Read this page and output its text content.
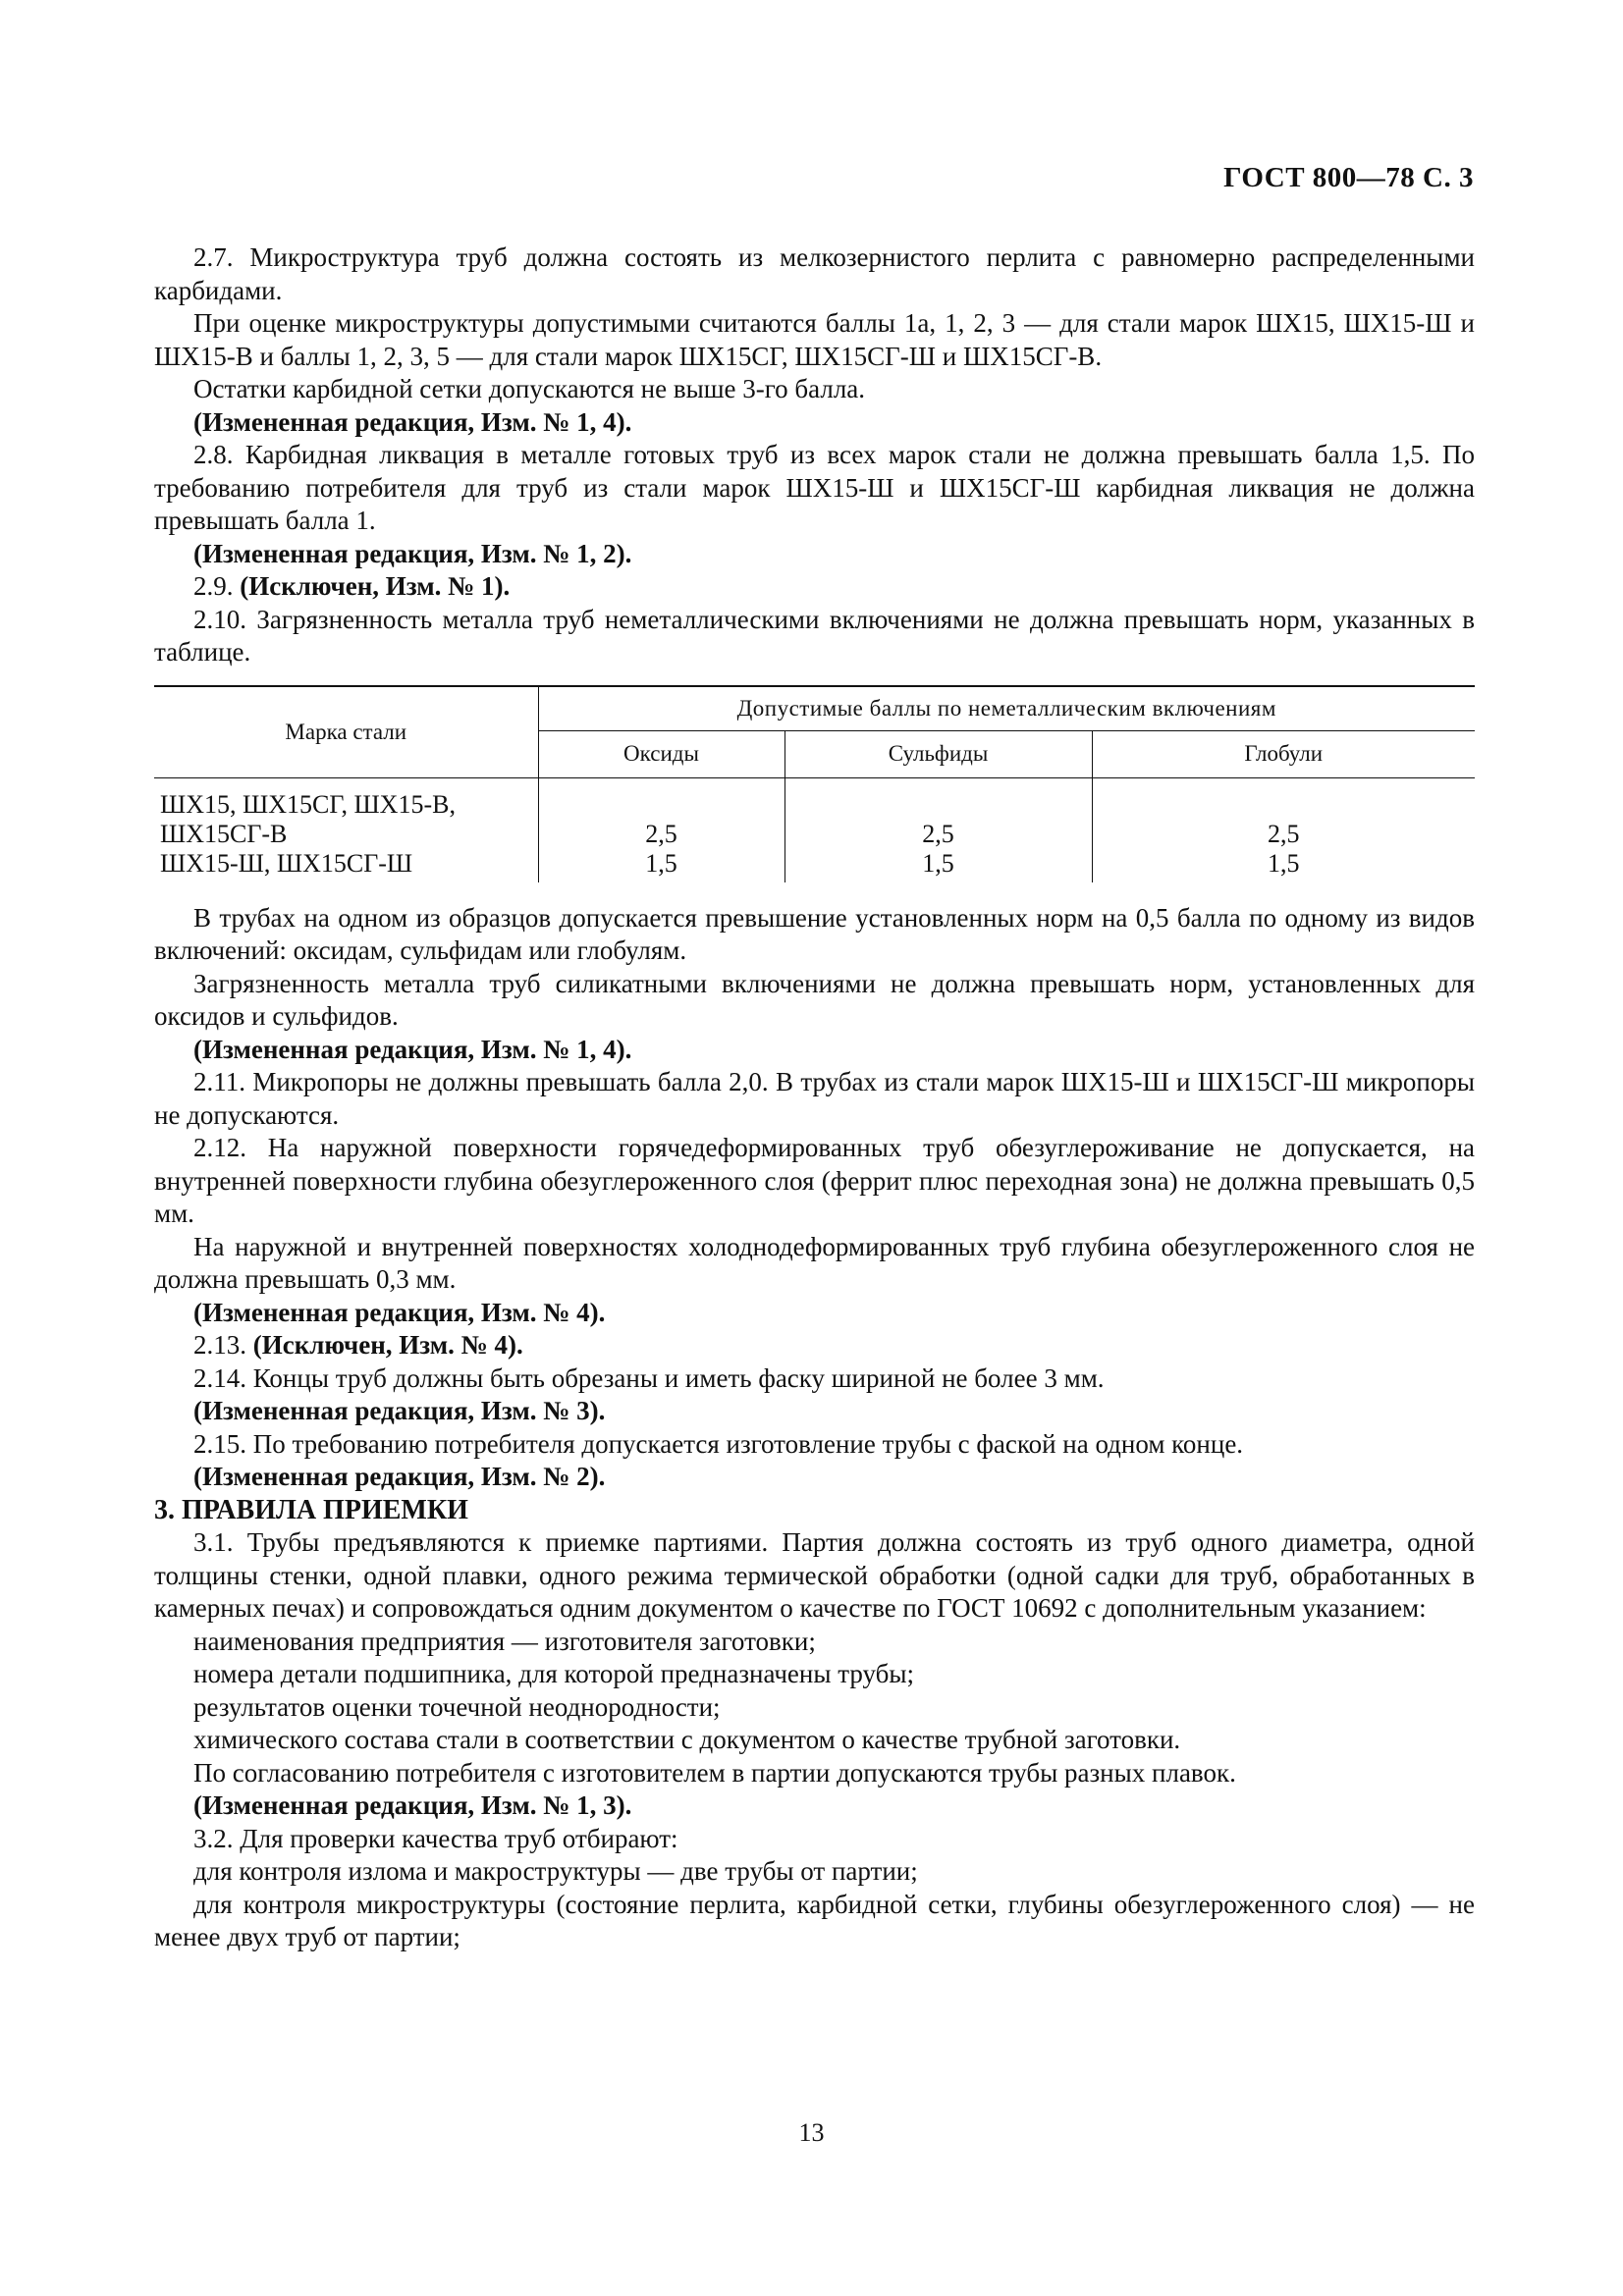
ГОСТ 800—78 С. 3

2.7. Микроструктура труб должна состоять из мелкозернистого перлита с равномерно распределенными карбидами.

При оценке микроструктуры допустимыми считаются баллы 1а, 1, 2, 3 — для стали марок ШХ15, ШХ15-Ш и ШХ15-В и баллы 1, 2, 3, 5 — для стали марок ШХ15СГ, ШХ15СГ-Ш и ШХ15СГ-В.

Остатки карбидной сетки допускаются не выше 3-го балла.

(Измененная редакция, Изм. № 1, 4).

2.8. Карбидная ликвация в металле готовых труб из всех марок стали не должна превышать балла 1,5. По требованию потребителя для труб из стали марок ШХ15-Ш и ШХ15СГ-Ш карбидная ликвация не должна превышать балла 1.

(Измененная редакция, Изм. № 1, 2).

2.9. (Исключен, Изм. № 1).

2.10. Загрязненность металла труб неметаллическими включениями не должна превышать норм, указанных в таблице.

Марка стали	Допустимые баллы по неметаллическим включениям		
	Оксиды	Сульфиды	Глобули
ШХ15, ШХ15СГ, ШХ15-В,			
ШХ15СГ-В	2,5	2,5	2,5
ШХ15-Ш, ШХ15СГ-Ш	1,5	1,5	1,5

В трубах на одном из образцов допускается превышение установленных норм на 0,5 балла по одному из видов включений: оксидам, сульфидам или глобулям.

Загрязненность металла труб силикатными включениями не должна превышать норм, установленных для оксидов и сульфидов.

(Измененная редакция, Изм. № 1, 4).

2.11. Микропоры не должны превышать балла 2,0. В трубах из стали марок ШХ15-Ш и ШХ15СГ-Ш микропоры не допускаются.

2.12. На наружной поверхности горячедеформированных труб обезуглероживание не допускается, на внутренней поверхности глубина обезуглероженного слоя (феррит плюс переходная зона) не должна превышать 0,5 мм.

На наружной и внутренней поверхностях холоднодеформированных труб глубина обезуглероженного слоя не должна превышать 0,3 мм.

(Измененная редакция, Изм. № 4).

2.13. (Исключен, Изм. № 4).

2.14. Концы труб должны быть обрезаны и иметь фаску шириной не более 3 мм.

(Измененная редакция, Изм. № 3).

2.15. По требованию потребителя допускается изготовление трубы с фаской на одном конце.

(Измененная редакция, Изм. № 2).

3. ПРАВИЛА ПРИЕМКИ

3.1. Трубы предъявляются к приемке партиями. Партия должна состоять из труб одного диаметра, одной толщины стенки, одной плавки, одного режима термической обработки (одной садки для труб, обработанных в камерных печах) и сопровождаться одним документом о качестве по ГОСТ 10692 с дополнительным указанием:

наименования предприятия — изготовителя заготовки;

номера детали подшипника, для которой предназначены трубы;

результатов оценки точечной неоднородности;

химического состава стали в соответствии с документом о качестве трубной заготовки.

По согласованию потребителя с изготовителем в партии допускаются трубы разных плавок.

(Измененная редакция, Изм. № 1, 3).

3.2. Для проверки качества труб отбирают:

для контроля излома и макроструктуры — две трубы от партии;

для контроля микроструктуры (состояние перлита, карбидной сетки, глубины обезуглероженного слоя) — не менее двух труб от партии;

13
